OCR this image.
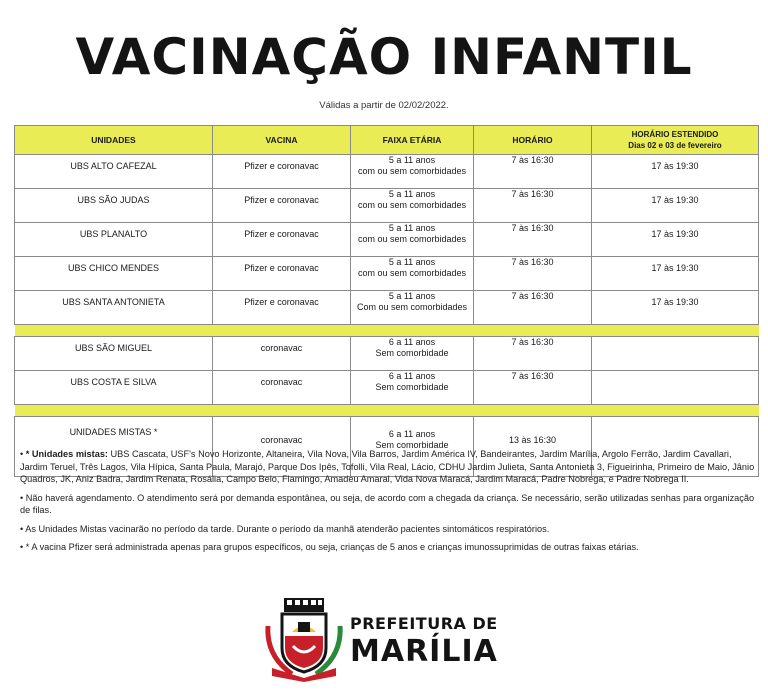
VACINAÇÃO INFANTIL
Válidas a partir de 02/02/2022.
UNIDADES	VACINA	FAIXA ETÁRIA	HORÁRIO	HORÁRIO ESTENDIDO
Dias 02 e 03 de fevereiro

UBS ALTO CAFEZAL	Pfizer e coronavac	5 a 11 anos
com ou sem comorbidades	7 às 16:30	17 às 19:30
UBS SÃO JUDAS	Pfizer e coronavac	5 a 11 anos
com ou sem comorbidades	7 às 16:30	17 às 19:30
UBS PLANALTO	Pfizer e coronavac	5 a 11 anos
com ou sem comorbidades	7 às 16:30	17 às 19:30
UBS CHICO MENDES	Pfizer e coronavac	5 a 11 anos
com ou sem comorbidades	7 às 16:30	17 às 19:30
UBS SANTA ANTONIETA	Pfizer e coronavac	5 a 11 anos
Com ou sem comorbidades	7 às 16:30	17 às 19:30

UBS SÃO MIGUEL	coronavac	6 a 11 anos
Sem comorbidade	7 às 16:30	
UBS COSTA E SILVA	coronavac	6 a 11 anos
Sem comorbidade	7 às 16:30	

UNIDADES MISTAS *	coronavac	6 a 11 anos
Sem comorbidade	13 às 16:30	

• * Unidades mistas: UBS Cascata, USF's Novo Horizonte, Altaneira, Vila Nova, Vila Barros, Jardim América IV, Bandeirantes, Jardim Marília, Argolo Ferrão, Jardim Cavallari, Jardim Teruel, Três Lagos, Vila Hípica, Santa Paula, Marajó, Parque Dos Ipês, Tofolli, Vila Real, Lácio, CDHU Jardim Julieta, Santa Antonieta 3, Figueirinha, Primeiro de Maio, Jânio Quadros, JK, Aniz Badra, Jardim Renata, Rosália, Campo Belo, Flamingo, Amadeu Amaral, Vida Nova Maracá, Jardim Maracá, Padre Nobrega, e Padre Nobrega II.

• Não haverá agendamento. O atendimento será por demanda espontânea, ou seja, de acordo com a chegada da criança. Se necessário, serão utilizadas senhas para organização de filas.

• As Unidades Mistas vacinarão no período da tarde. Durante o período da manhã atenderão pacientes sintomáticos respiratórios.

• * A vacina Pfizer será administrada apenas para grupos específicos, ou seja, crianças de 5 anos e crianças imunossuprimidas de outras faixas etárias.

PREFEITURA DE
MARÍLIA
